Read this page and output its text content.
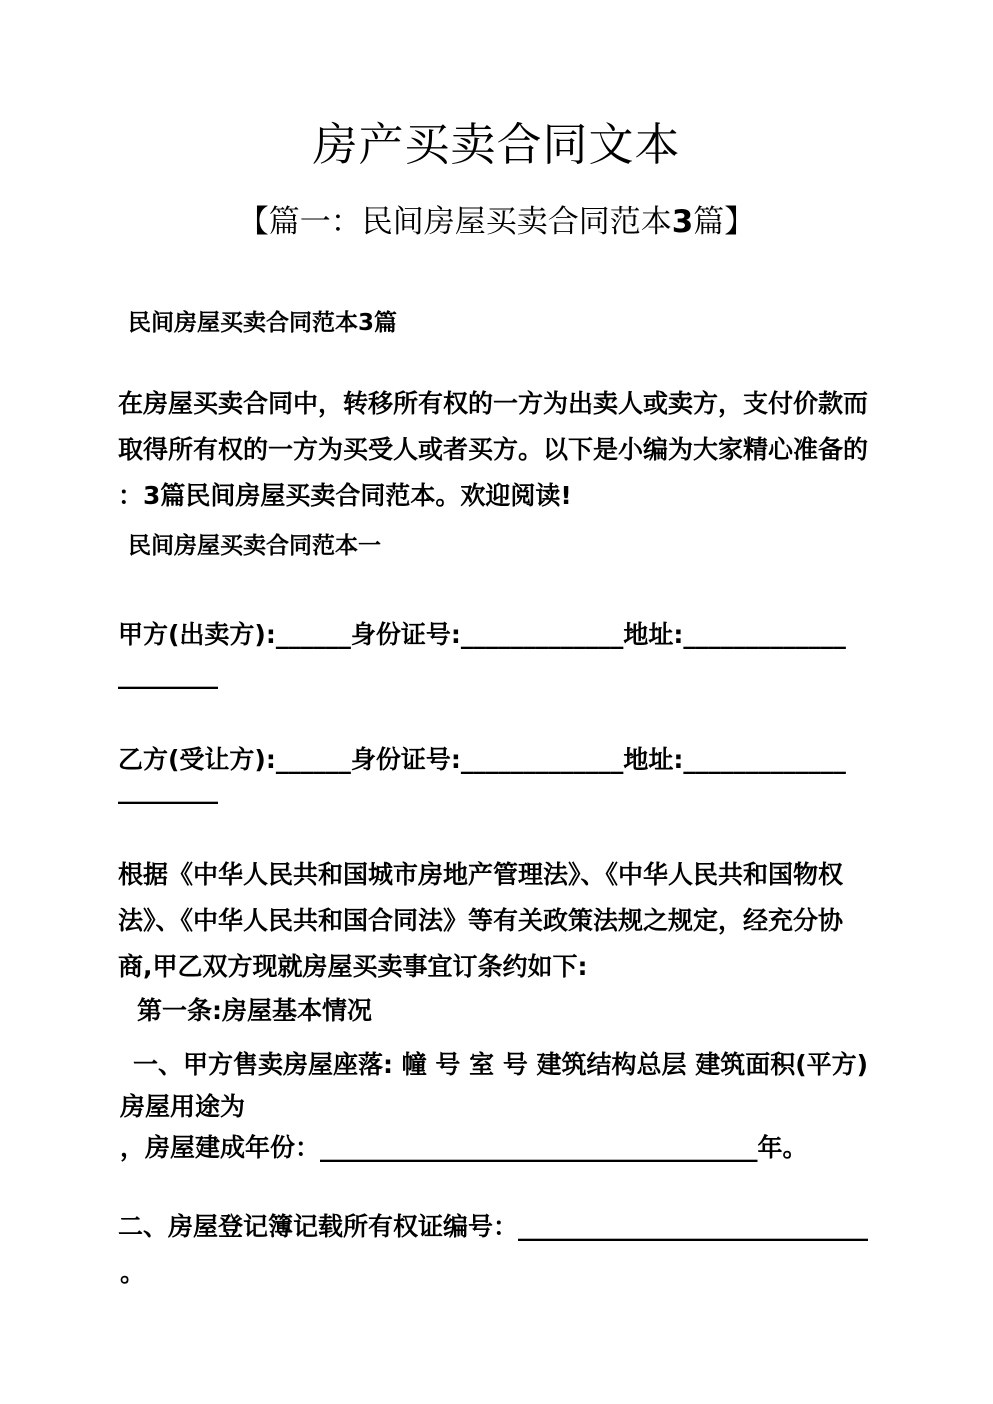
房产买卖合同文本
【篇一：民间房屋买卖合同范本3篇】
民间房屋买卖合同范本3篇
在房屋买卖合同中，转移所有权的一方为出卖人或卖方，支付价款而
取得所有权的一方为买受人或者买方。以下是小编为大家精心准备的
：3篇民间房屋买卖合同范本。欢迎阅读!
民间房屋买卖合同范本一
甲方(出卖方):______身份证号:_____________地址:_____________
________
乙方(受让方):______身份证号:_____________地址:_____________
________
根据《中华人民共和国城市房地产管理法》、《中华人民共和国物权
法》、《中华人民共和国合同法》等有关政策法规之规定，经充分协
商,甲乙双方现就房屋买卖事宜订条约如下:
第一条:房屋基本情况
一、甲方售卖房屋座落: 幢 号 室 号 建筑结构总层 建筑面积(平方)
房屋用途为
，房屋建成年份：___________________________________年。
二、房屋登记簿记载所有权证编号：____________________________
。
